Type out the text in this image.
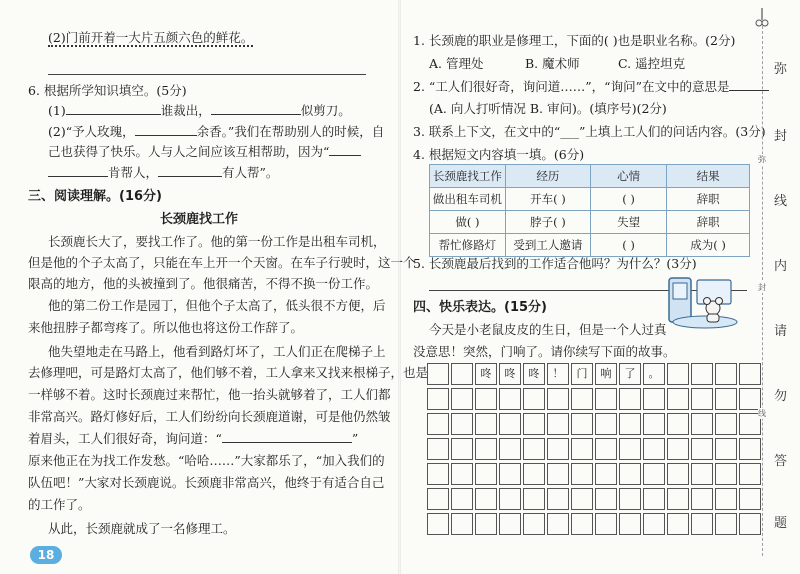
(2)门前开着一大片五颜六色的鲜花。
6. 根据所学知识填空。(5分)
(1)	谁裁出，	似剪刀。
(2)“予人玫瑰，	余香。”我们在帮助别人的时候，自
己也获得了快乐。人与人之间应该互相帮助，因为“
肯帮人，	有人帮”。
三、阅读理解。(16分)
长颈鹿找工作
长颈鹿长大了，要找工作了。他的第一份工作是出租车司机，
但是他的个子太高了，只能在车上开一个天窗。在车子行驶时，这一个
限高的地方，他的头被撞到了。他很痛苦，不得不换一份工作。
他的第二份工作是园丁，但他个子太高了，低头很不方便，后
来他扭脖子都弯疼了。所以他也将这份工作辞了。
他失望地走在马路上，他看到路灯坏了，工人们正在爬梯子上
去修理吧，可是路灯太高了，他们够不着，工人拿来又找来根梯子，也是
一样够不着。这时长颈鹿过来帮忙，他一抬头就够着了，工人们都
非常高兴。路灯修好后，工人们纷纷向长颈鹿道谢，可是他仍然皱
着眉头，工人们很好奇，询问道：“	”
原来他正在为找工作发愁。“哈哈……”大家都乐了，“加入我们的
队伍吧！”大家对长颈鹿说。长颈鹿非常高兴，他终于有适合自己
的工作了。
从此，长颈鹿就成了一名修理工。
18
1. 长颈鹿的职业是修理工，下面的( )也是职业名称。(2分)
A. 管理处	B. 魔术师	C. 遥控坦克
2. “工人们很好奇，询问道……”，“询问”在文中的意思是
(A. 向人打听情况 B. 审问)。(填序号)(2分)
3. 联系上下文，在文中的“___”上填上工人们的问话内容。(3分)
4. 根据短文内容填一填。(6分)
长颈鹿找工作	经历	心情	结果
做出租车司机	开车( )	( )	辞职
做( )	脖子( )	失望	辞职
帮忙修路灯	受到工人邀请	( )	成为( )
5. 长颈鹿最后找到的工作适合他吗？为什么？(3分)
四、快乐表达。(15分)
今天是小老鼠皮皮的生日，但是一个人过真
没意思！突然，门响了。请你续写下面的故事。
咚	咚	咚	！	门	响	了	。
弥
封
线
内
请
勿
答
题
弥
封
线
